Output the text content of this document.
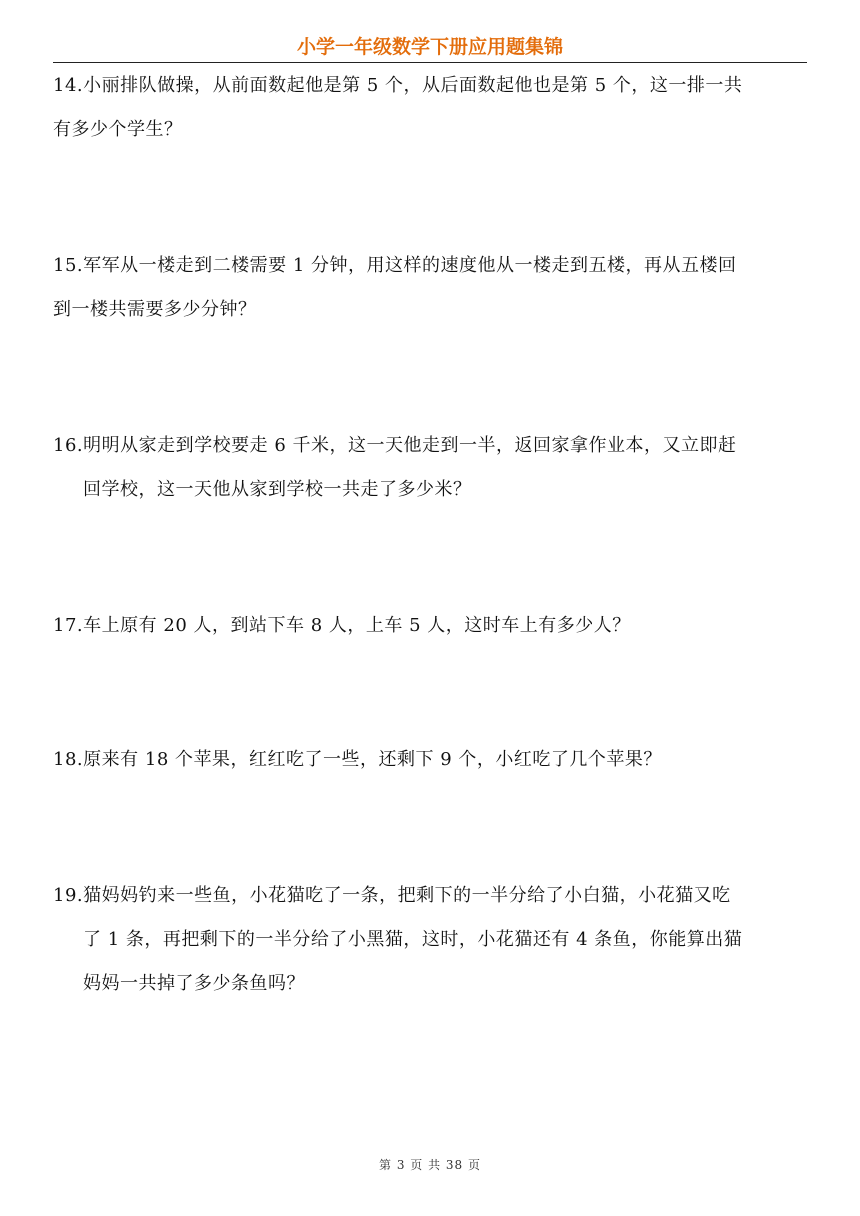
小学一年级数学下册应用题集锦
14.小丽排队做操，从前面数起他是第 5 个，从后面数起他也是第 5 个，这一排一共
有多少个学生？
15.军军从一楼走到二楼需要 1 分钟，用这样的速度他从一楼走到五楼，再从五楼回
到一楼共需要多少分钟？
16.明明从家走到学校要走 6 千米，这一天他走到一半，返回家拿作业本，又立即赶
回学校，这一天他从家到学校一共走了多少米？
17.车上原有 20 人，到站下车 8 人，上车 5 人，这时车上有多少人？
18.原来有 18 个苹果，红红吃了一些，还剩下 9 个，小红吃了几个苹果？
19.猫妈妈钓来一些鱼，小花猫吃了一条，把剩下的一半分给了小白猫，小花猫又吃
了 1 条，再把剩下的一半分给了小黑猫，这时，小花猫还有 4 条鱼，你能算出猫
妈妈一共掉了多少条鱼吗？
第 3 页 共 38 页
